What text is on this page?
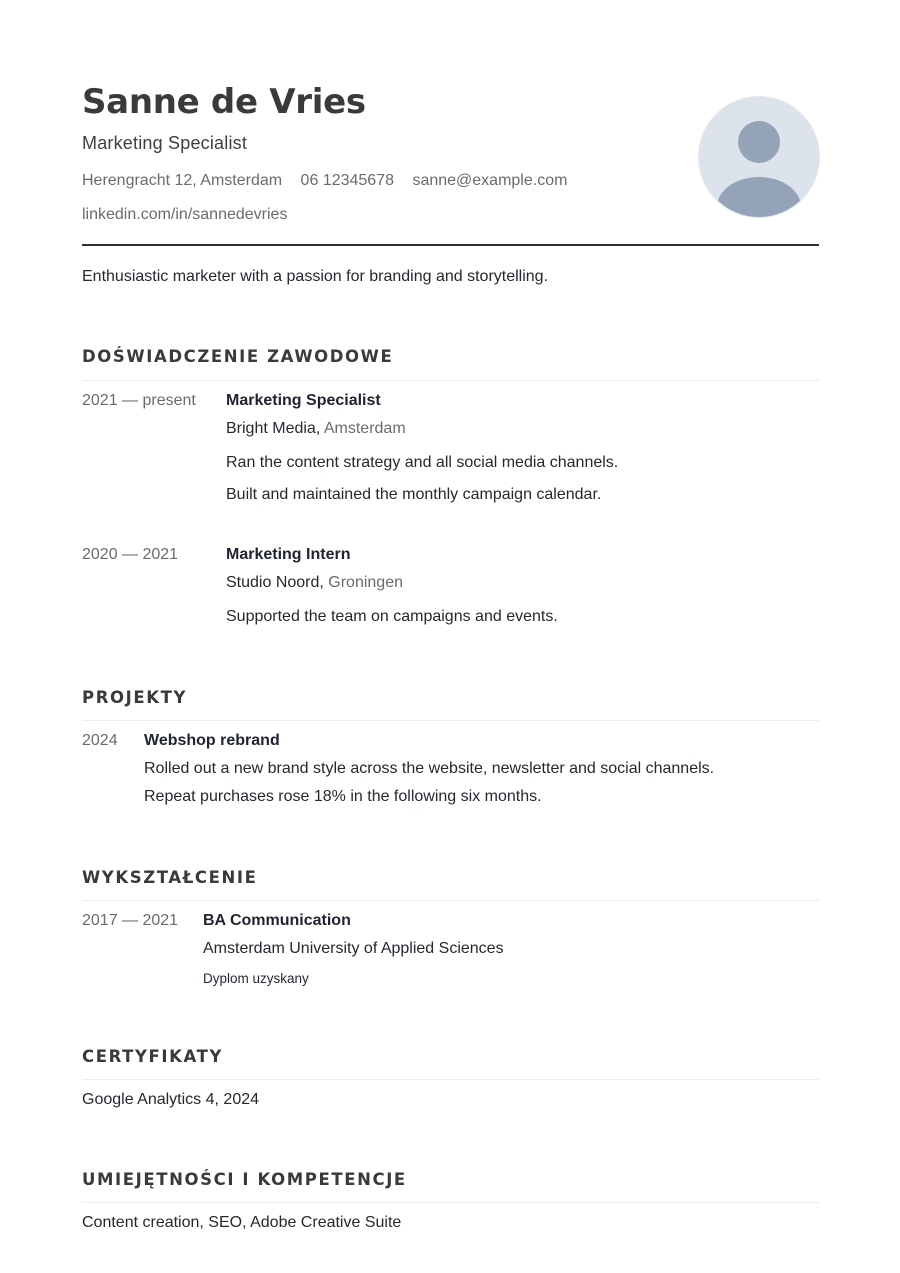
Sanne de Vries
Marketing Specialist
Herengracht 12, Amsterdam 06 12345678 sanne@example.com
linkedin.com/in/sannedevries
Enthusiastic marketer with a passion for branding and storytelling.
DOŚWIADCZENIE ZAWODOWE
2021 — present Marketing Specialist
Bright Media, Amsterdam
Ran the content strategy and all social media channels.
Built and maintained the monthly campaign calendar.
2020 — 2021	Marketing Intern
Studio Noord, Groningen
Supported the team on campaigns and events.
PROJEKTY
2024 Webshop rebrand
Rolled out a new brand style across the website, newsletter and social channels.
Repeat purchases rose 18% in the following six months.
WYKSZTAŁCENIE
2017 — 2021 BA Communication
Amsterdam University of Applied Sciences
Dyplom uzyskany
CERTYFIKATY
Google Analytics 4, 2024
UMIEJĘTNOŚCI I KOMPETENCJE
Content creation, SEO, Adobe Creative Suite
